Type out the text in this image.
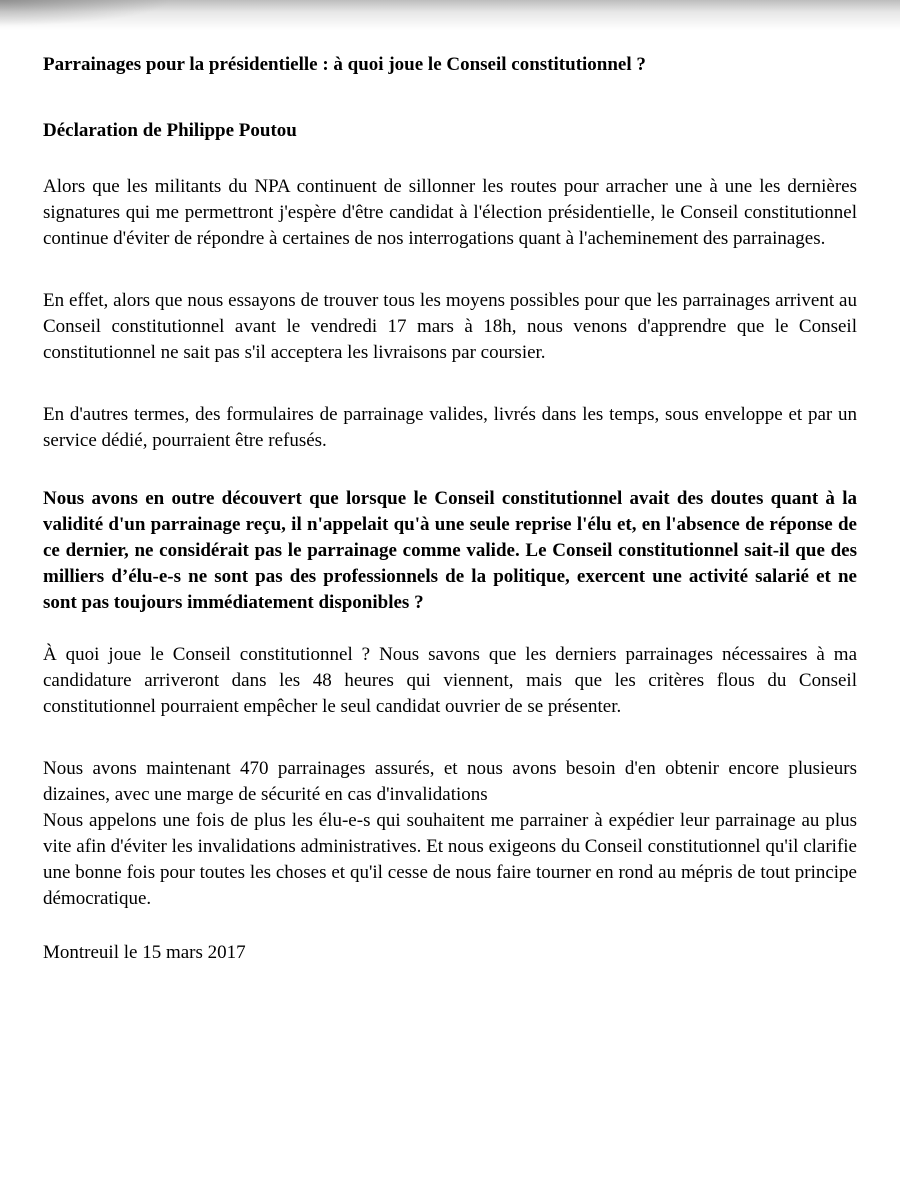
Parrainages pour la présidentielle : à quoi joue le Conseil constitutionnel ?
Déclaration de Philippe Poutou

Alors que les militants du NPA continuent de sillonner les routes pour arracher une à une les dernières signatures qui me permettront j'espère d'être candidat à l'élection présidentielle, le Conseil constitutionnel continue d'éviter de répondre à certaines de nos interrogations quant à l'acheminement des parrainages.

En effet, alors que nous essayons de trouver tous les moyens possibles pour que les parrainages arrivent au Conseil constitutionnel avant le vendredi 17 mars à 18h, nous venons d'apprendre que le Conseil constitutionnel ne sait pas s'il acceptera les livraisons par coursier.

En d'autres termes, des formulaires de parrainage valides, livrés dans les temps, sous enveloppe et par un service dédié, pourraient être refusés.

Nous avons en outre découvert que lorsque le Conseil constitutionnel avait des doutes quant à la validité d'un parrainage reçu, il n'appelait qu'à une seule reprise l'élu et, en l'absence de réponse de ce dernier, ne considérait pas le parrainage comme valide. Le Conseil constitutionnel sait-il que des milliers d’élu-e-s ne sont pas des professionnels de la politique, exercent une activité salarié et ne sont pas toujours immédiatement disponibles ?

À quoi joue le Conseil constitutionnel ? Nous savons que les derniers parrainages nécessaires à ma candidature arriveront dans les 48 heures qui viennent, mais que les critères flous du Conseil constitutionnel pourraient empêcher le seul candidat ouvrier de se présenter.

Nous avons maintenant 470 parrainages assurés, et nous avons besoin d'en obtenir encore plusieurs dizaines, avec une marge de sécurité en cas d'invalidations

Nous appelons une fois de plus les élu-e-s qui souhaitent me parrainer à expédier leur parrainage au plus vite afin d'éviter les invalidations administratives. Et nous exigeons du Conseil constitutionnel qu'il clarifie une bonne fois pour toutes les choses et qu'il cesse de nous faire tourner en rond au mépris de tout principe démocratique.

Montreuil le 15 mars 2017
